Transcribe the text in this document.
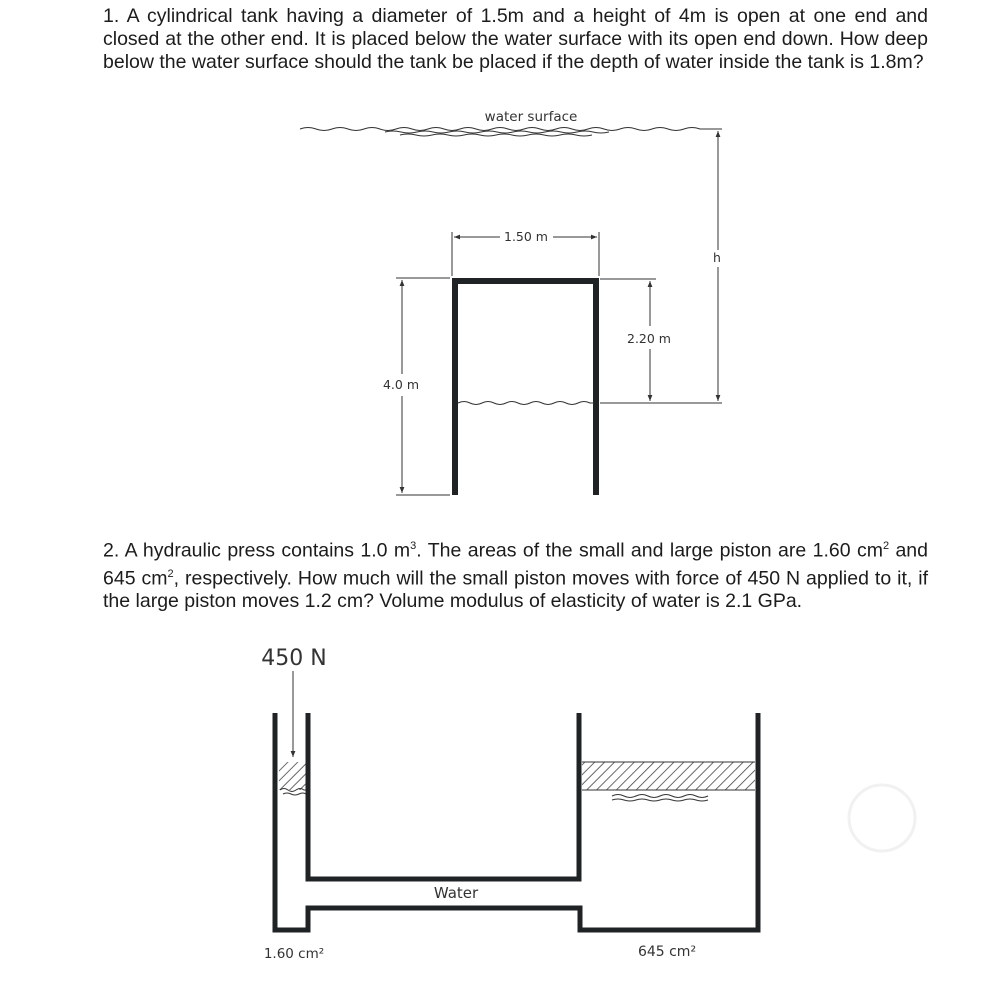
1. A cylindrical tank having a diameter of 1.5m and a height of 4m is open at one end and closed at the other end. It is placed below the water surface with its open end down. How deep below the water surface should the tank be placed if the depth of water inside the tank is 1.8m?

2. A hydraulic press contains 1.0 $m^3$. The areas of the small and large piston are 1.60 $cm^2$ and 645 $cm^2$, respectively. How much will the small piston moves with force of 450 N applied to it, if the large piston moves 1.2 cm? Volume modulus of elasticity of water is 2.1 GPa.

water surface
1.50 m
4.0 m
2.20 m
h
450 N
Water
1.60 cm²	645 cm²
